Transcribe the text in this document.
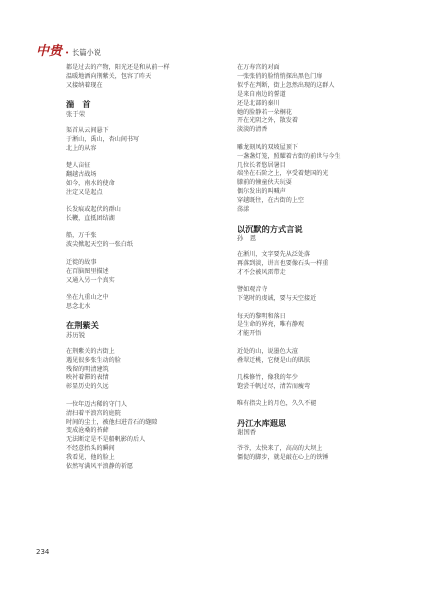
中贵 • 长篇小说
都是过去的产物，阳光还是和从前一样
温暖地洒向荆紫关，包容了昨天
又接纳着现在
湍　首
张于荣
渠首从云间悬下
于淅山，禹山，杏山间书写
北上的从容
楚人亩征
翻越古战场
如今，南水的使命
注定又是起点
长发痕或起伏的群山
长鞭，直抵团结湖
船，万千张
波尖掀起天空的一张白纸
迁徙的故事
在百脑图里描述
又通入另一个真实
坐在九重山之中
思念北水
在荆紫关
苏历锐
在荆紫关的古街上
遇见很多张生动的脸
残留的明清建筑
映衬着滞的表情
彰显历史的久远
一位年迈古稀的守门人
清扫着平浪宫的庭院
时间的尘土，被他扫进青石的缝隙
变成沧桑的苔藓
无法断定是不是船帆影的后人
不经意抬头的瞬间
我看见，他的脸上
依然写满风平浪静的祈愿
在万寿宫的对面
一张张俏的脸悄悄探出黑色门扉
似乎在判断，街上忽然出现的这群人
是来自南边的誓道
还是北部的秦川
她的脸静若一朵桐花
开在光阴之外，散发着
淡淡的清香
雕龙刻凤的双坡屋顶下
一盏盏灯笼，照耀着古街的前世与今生
几位长者悠居暑目
端坐在石阶之上，享受着楚国的光
膝前的憧童伙夫玩耍
偶尔发出的叫喊声
穿越既往，在古街的上空
荡漾
以沉默的方式言说
孙　恩
在淅川，文字要先从泛处落
再落到淡，讲言也要像石头一样重
才不会被风雷带走
譬如观音寺
下笔时的虔诚，要与天空接近
每天的黎明和落日
是生命的界亮，唯有静观
才能开悟
近处的山，说墨色大渲
叠翠迁桃，它便是山的肌肤
几株修竹，像我的年少
饱尝千帆过尽，清苦而瘦弯
唯有指尖上的月色，久久不褪
丹江水库遐思
谢国香
爷爷，太快来了，高高的大坝上
僵促的脚步，就是敲在心上的铁锤
234
